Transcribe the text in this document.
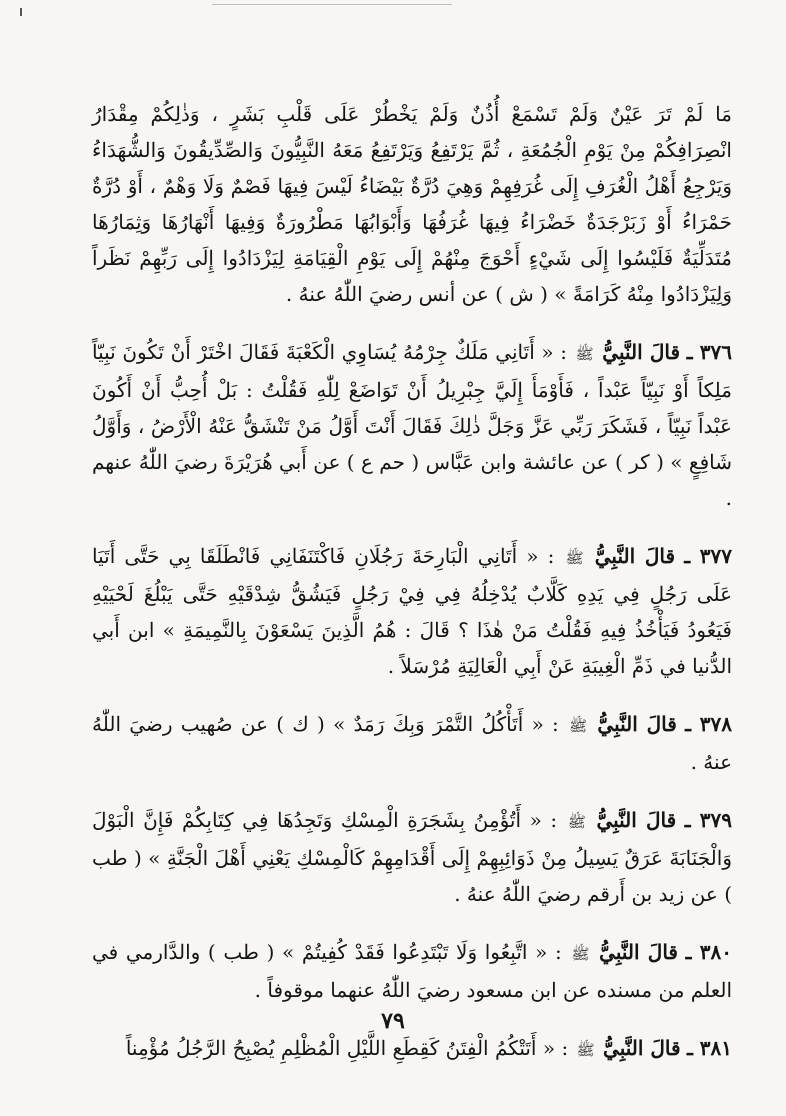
مَا لَمْ تَرَ عَيْنٌ وَلَمْ تَسْمَعْ أُذُنٌ وَلَمْ يَخْطُرْ عَلَى قَلْبِ بَشَرٍ ، وَذٰلِكُمْ مِقْدَارُ انْصِرَافِكُمْ مِنْ يَوْمِ الْجُمُعَةِ ، ثُمَّ يَرْتَفِعُ وَيَرْتَفِعُ مَعَهُ النَّبِيُّونَ وَالصِّدِّيقُونَ وَالشُّهَدَاءُ وَيَرْجِعُ أَهْلُ الْغُرَفِ إِلَى غُرَفِهِمْ وَهِيَ دُرَّةٌ بَيْضَاءُ لَيْسَ فِيهَا فَصْمٌ وَلَا وَهْمٌ ، أَوْ دُرَّةٌ حَمْرَاءُ أَوْ زَبَرْجَدَةٌ خَضْرَاءُ فِيهَا غُرَفُهَا وَأَبْوَابُهَا مَطْرُورَةٌ وَفِيهَا أَنْهَارُهَا وَثِمَارُهَا مُتَدَلِّيَةٌ فَلَيْسُوا إِلَى شَيْءٍ أَحْوَجَ مِنْهُمْ إِلَى يَوْمِ الْقِيَامَةِ لِيَزْدَادُوا إِلَى رَبِّهِمْ نَظَراً وَلِيَزْدَادُوا مِنْهُ كَرَامَةً » ( ش ) عن أنس رضيَ اللّٰهُ عنهُ .

٣٧٦ ـ قالَ النَّبِيُّ ﷺ : « أَتَانِي مَلَكٌ جِرْمُهُ يُسَاوِي الْكَعْبَةَ فَقَالَ اخْتَرْ أَنْ تَكُونَ نَبِيّاً مَلِكاً أَوْ نَبِيّاً عَبْداً ، فَأَوْمَأَ إِلَيَّ جِبْرِيلُ أَنْ تَوَاضَعْ لِلّٰهِ فَقُلْتُ : بَلْ أُحِبُّ أَنْ أَكُونَ عَبْداً نَبِيّاً ، فَشَكَرَ رَبِّي عَزَّ وَجَلَّ ذٰلِكَ فَقَالَ أَنْتَ أَوَّلُ مَنْ تَنْشَقُّ عَنْهُ الْأَرْضُ ، وَأَوَّلُ شَافِعٍ » ( كر ) عن عائشة وابن عَبَّاس ( حم ع ) عن أَبي هُرَيْرَةَ رضيَ اللّٰهُ عنهم .

٣٧٧ ـ قالَ النَّبِيُّ ﷺ : « أَتَانِي الْبَارِحَةَ رَجُلَانِ فَاكْتَنَفَانِي فَانْطَلَقَا بِي حَتَّى أَتَيَا عَلَى رَجُلٍ فِي يَدِهِ كَلَّابٌ يُدْخِلُهُ فِي فِيْ رَجُلٍ فَيَشُقُّ شِدْقَيْهِ حَتَّى يَبْلُغَ لَحْيَيْهِ فَيَعُودُ فَيَأْخُذُ فِيهِ فَقُلْتُ مَنْ هٰذَا ؟ قَالَ : هُمُ الَّذِينَ يَسْعَوْنَ بِالنَّمِيمَةِ » ابن أَبي الدُّنيا في ذَمِّ الْغِيبَةِ عَنْ أَبِي الْعَالِيَةِ مُرْسَلاً .

٣٧٨ ـ قالَ النَّبِيُّ ﷺ : « أَتَأْكُلُ التَّمْرَ وَبِكَ رَمَدٌ » ( ك ) عن صُهيب رضيَ اللّٰهُ عنهُ .

٣٧٩ ـ قالَ النَّبِيُّ ﷺ : « أَتُؤْمِنُ بِشَجَرَةِ الْمِسْكِ وَتَجِدُهَا فِي كِتَابِكُمْ فَإِنَّ الْبَوْلَ وَالْجَنَابَةَ عَرَقٌ يَسِيلُ مِنْ ذَوَائِبِهِمْ إِلَى أَقْدَامِهِمْ كَالْمِسْكِ يَعْنِي أَهْلَ الْجَنَّةِ » ( طب ) عن زيد بن أَرقم رضيَ اللّٰهُ عنهُ .

٣٨٠ ـ قالَ النَّبِيُّ ﷺ : « اتَّبِعُوا وَلَا تَبْتَدِعُوا فَقَدْ كُفِيتُمْ » ( طب ) والدَّارمي في العلم من مسنده عن ابن مسعود رضيَ اللّٰهُ عنهما موقوفاً .

٣٨١ ـ قالَ النَّبِيُّ ﷺ : « أَتَتْكُمُ الْفِتَنُ كَقِطَعِ اللَّيْلِ الْمُظْلِمِ يُصْبِحُ الرَّجُلُ مُؤْمِناً

٧٩
